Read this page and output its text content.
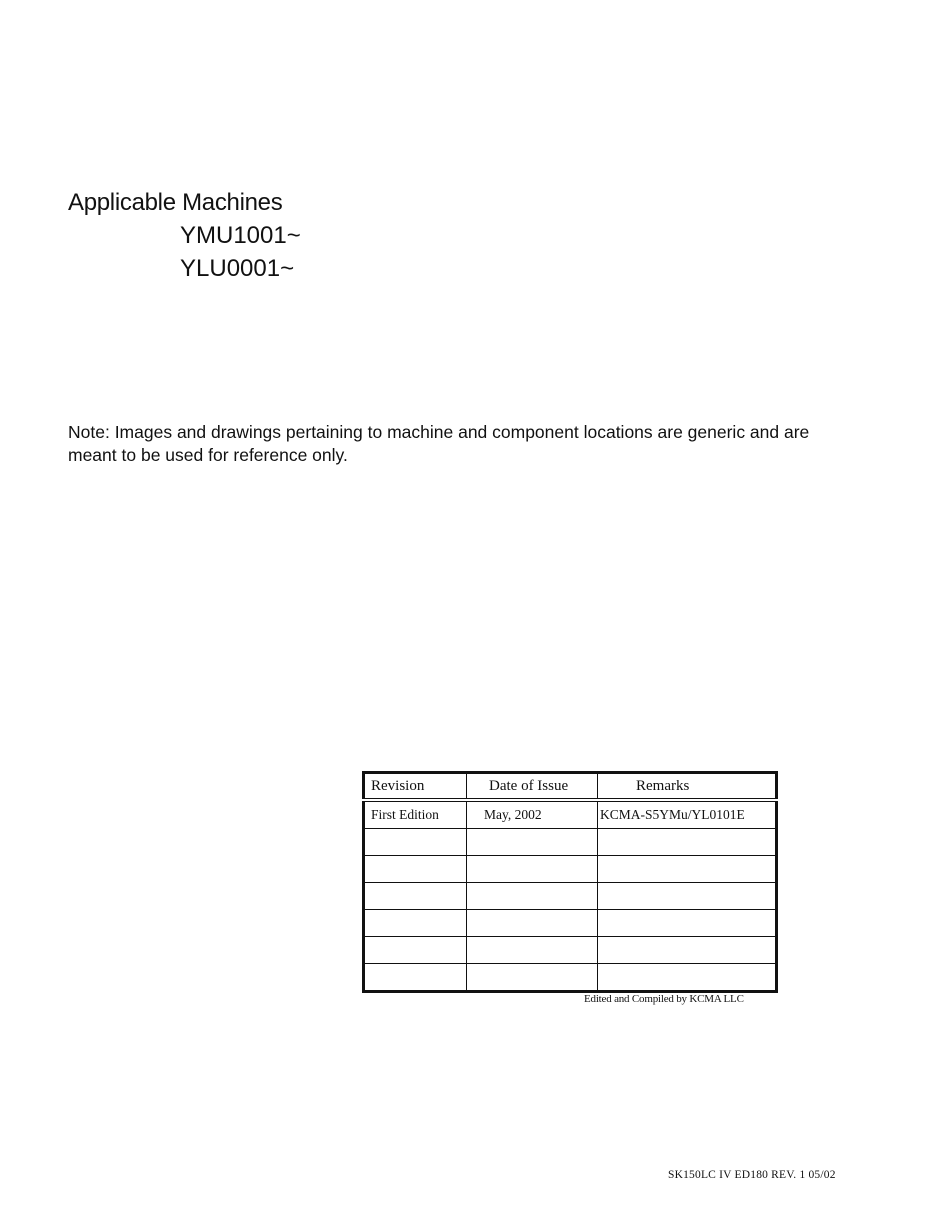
Applicable Machines
YMU1001~
YLU0001~
Note: Images and drawings pertaining to machine and component locations are generic and are meant to be used for reference only.
Revision	Date of Issue	Remarks
First Edition	May, 2002	KCMA-S5YMu/YL0101E

Edited and Compiled by KCMA LLC
SK150LC IV ED180 REV. 1 05/02
